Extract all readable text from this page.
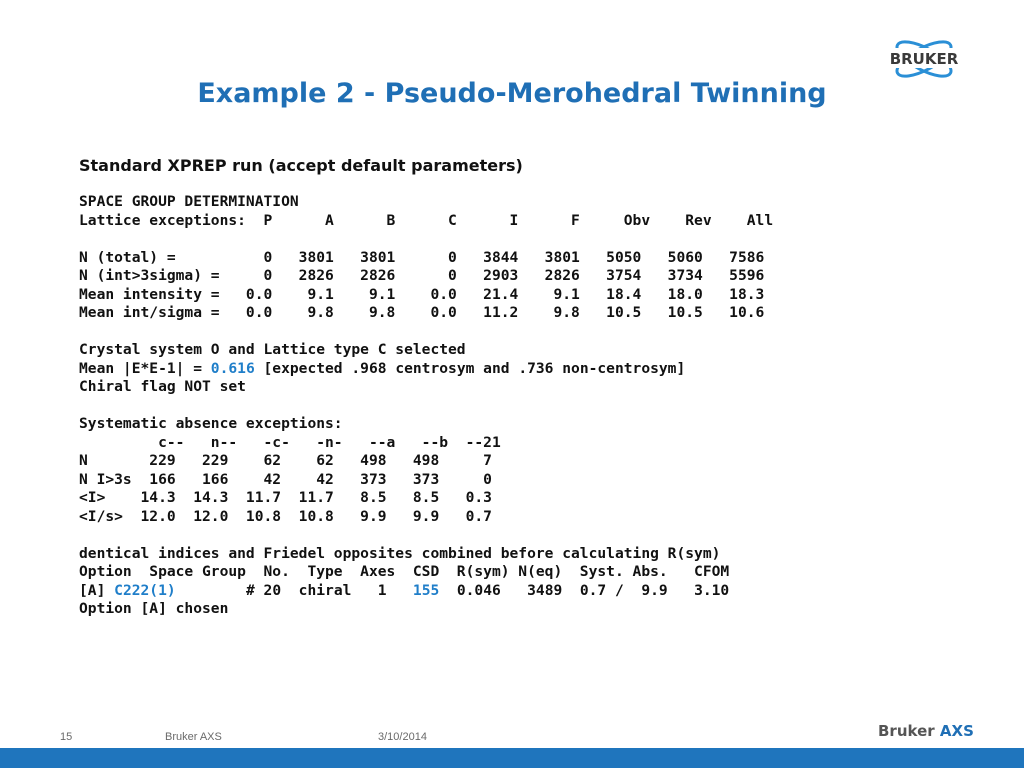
BRUKER
Example 2 - Pseudo-Merohedral Twinning
Standard XPREP run (accept default parameters)
SPACE GROUP DETERMINATION
Lattice exceptions:  P      A      B      C      I      F     Obv    Rev    All
N (total) =          0   3801   3801      0   3844   3801   5050   5060   7586
N (int>3sigma) =     0   2826   2826      0   2903   2826   3754   3734   5596
Mean intensity =   0.0    9.1    9.1    0.0   21.4    9.1   18.4   18.0   18.3
Mean int/sigma =   0.0    9.8    9.8    0.0   11.2    9.8   10.5   10.5   10.6
Crystal system O and Lattice type C selected
Mean |E*E-1| = 0.616 [expected .968 centrosym and .736 non-centrosym]
Chiral flag NOT set
Systematic absence exceptions:
c--   n--   -c-   -n-   --a   --b  --21
N       229   229    62    62   498   498     7
N I>3s  166   166    42    42   373   373     0
<I>    14.3  14.3  11.7  11.7   8.5   8.5   0.3
<I/s>  12.0  12.0  10.8  10.8   9.9   9.9   0.7
dentical indices and Friedel opposites combined before calculating R(sym)
Option  Space Group  No.  Type  Axes  CSD  R(sym) N(eq)  Syst. Abs.   CFOM
[A] C222(1)        # 20  chiral   1   155  0.046   3489  0.7 /  9.9   3.10
Option [A] chosen
15	Bruker AXS	3/10/2014	Bruker AXS
